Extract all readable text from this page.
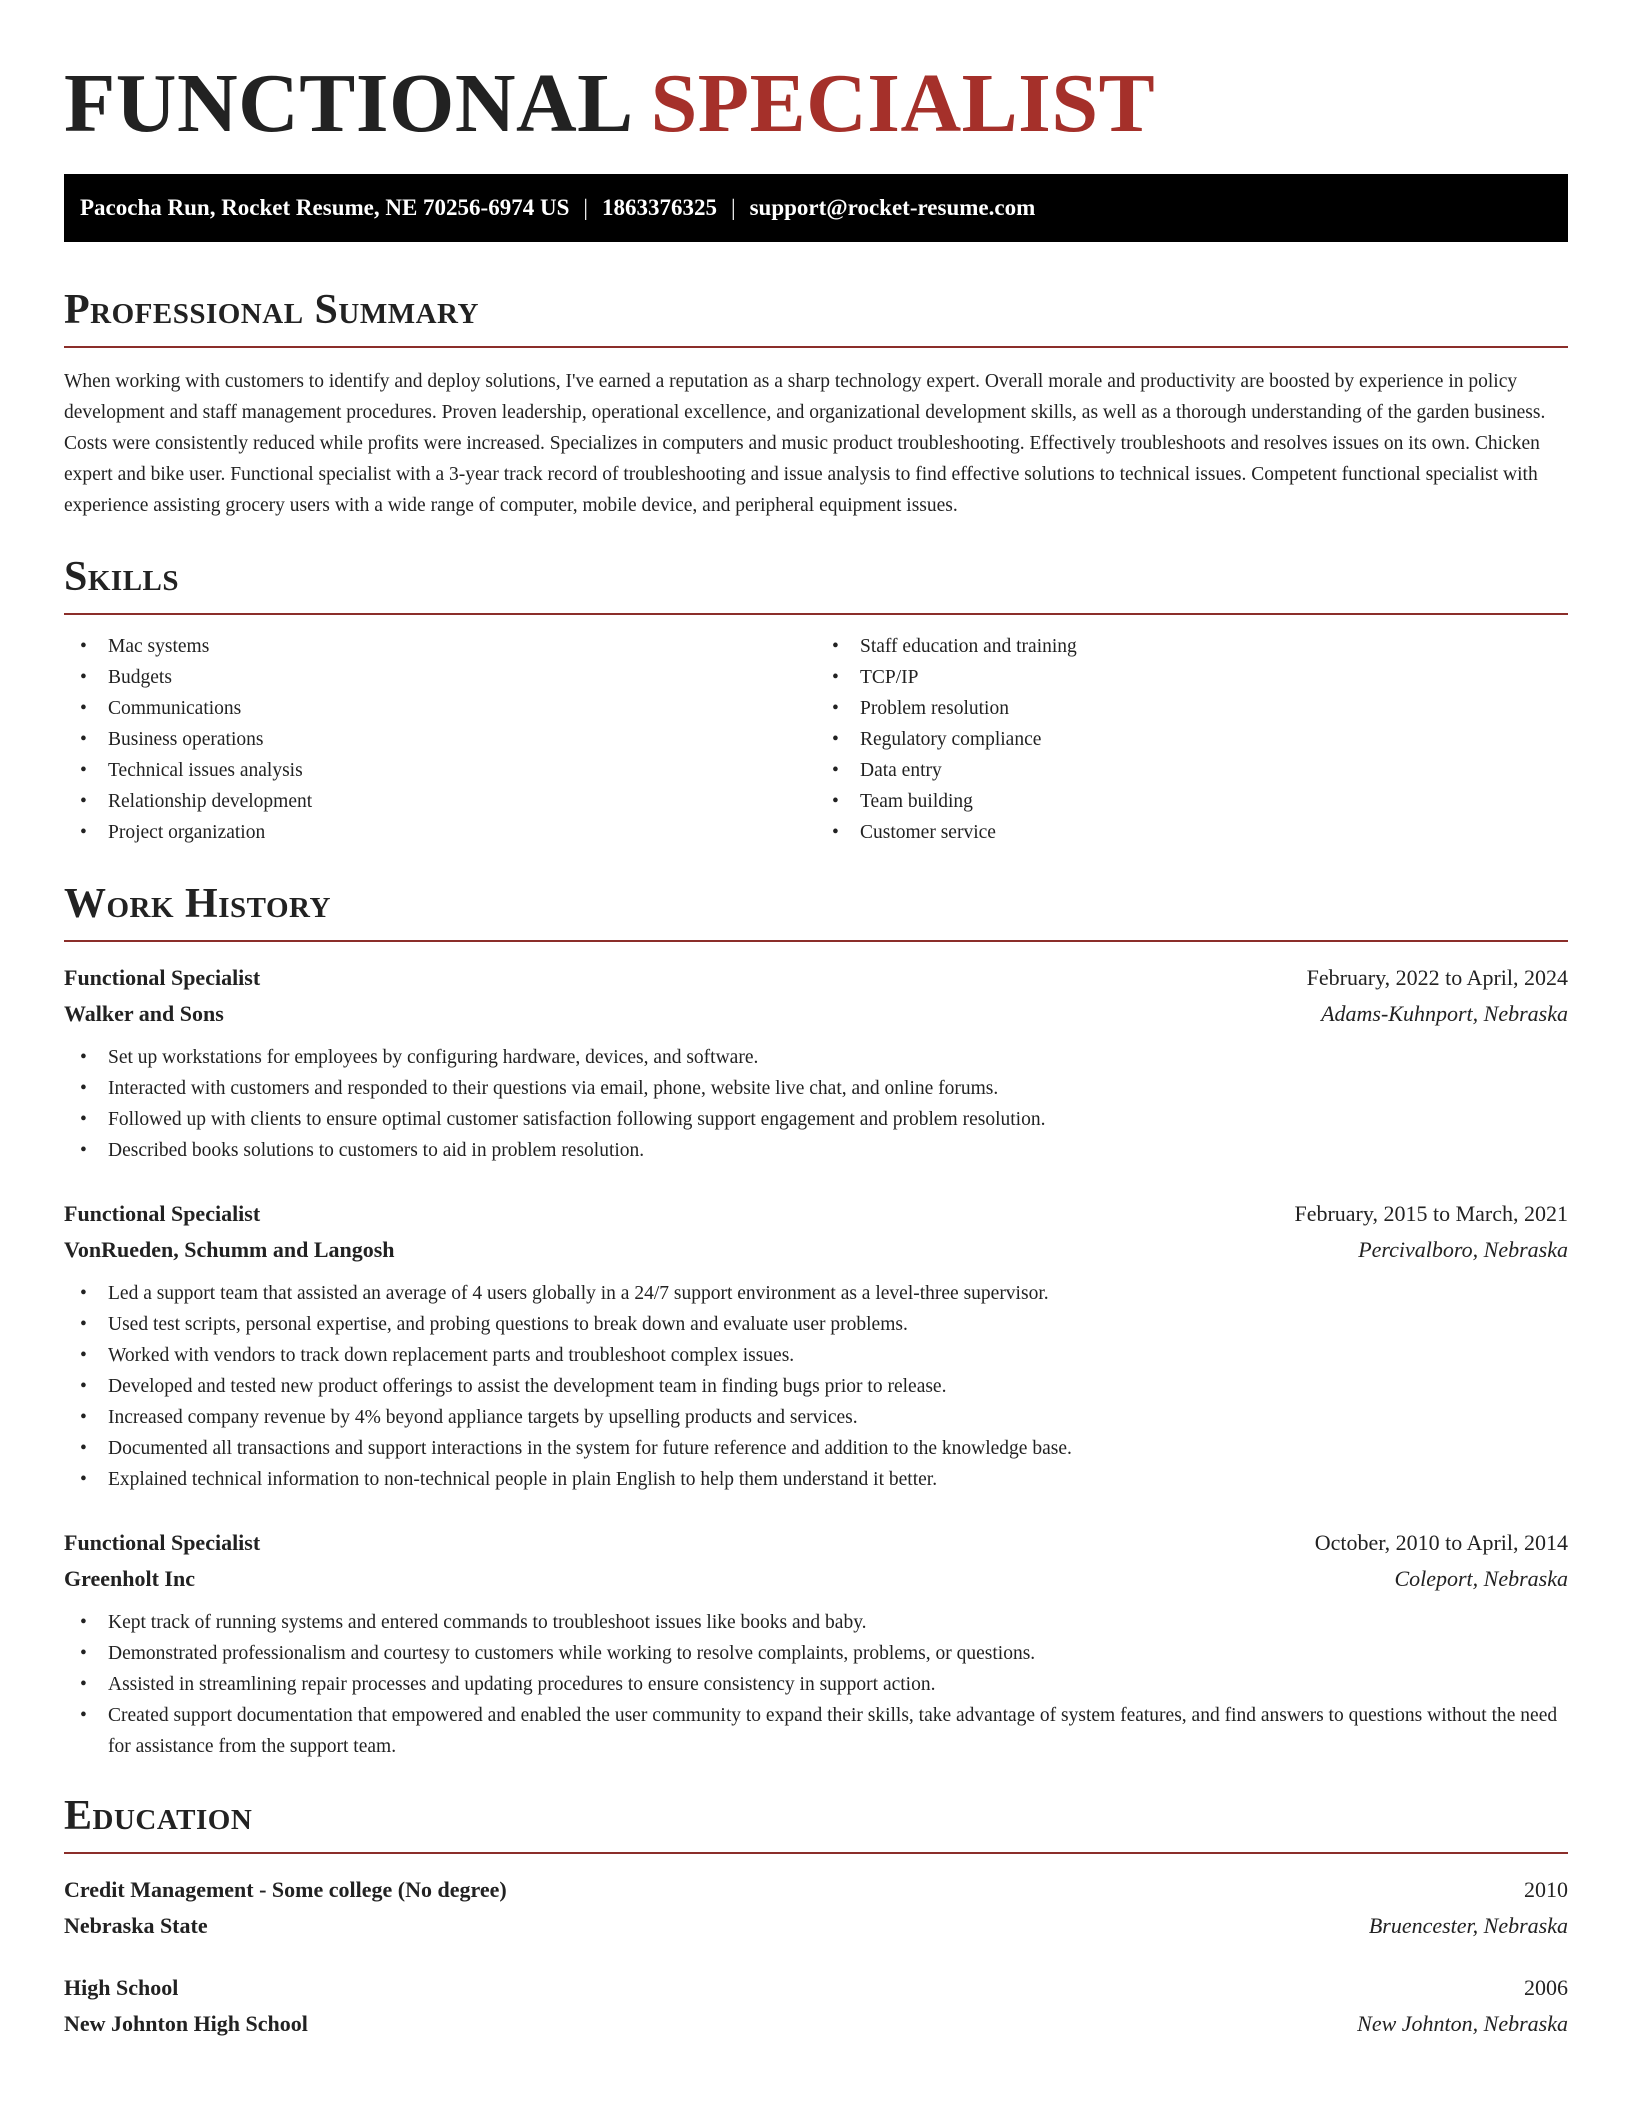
FUNCTIONAL SPECIALIST
Pacocha Run, Rocket Resume, NE 70256-6974 US | 1863376325 | support@rocket-resume.com
Professional Summary

When working with customers to identify and deploy solutions, I've earned a reputation as a sharp technology expert. Overall morale and productivity are boosted by experience in policy development and staff management procedures. Proven leadership, operational excellence, and organizational development skills, as well as a thorough understanding of the garden business. Costs were consistently reduced while profits were increased. Specializes in computers and music product troubleshooting. Effectively troubleshoots and resolves issues on its own. Chicken expert and bike user. Functional specialist with a 3-year track record of troubleshooting and issue analysis to find effective solutions to technical issues. Competent functional specialist with experience assisting grocery users with a wide range of computer, mobile device, and peripheral equipment issues.

Skills
• Mac systems
• Budgets
• Communications
• Business operations
• Technical issues analysis
• Relationship development
• Project organization
• Staff education and training
• TCP/IP
• Problem resolution
• Regulatory compliance
• Data entry
• Team building
• Customer service
Work History
Functional Specialist	February, 2022 to April, 2024
Walker and Sons	Adams-Kuhnport, Nebraska
• Set up workstations for employees by configuring hardware, devices, and software.
• Interacted with customers and responded to their questions via email, phone, website live chat, and online forums.
• Followed up with clients to ensure optimal customer satisfaction following support engagement and problem resolution.
• Described books solutions to customers to aid in problem resolution.
Functional Specialist	February, 2015 to March, 2021
VonRueden, Schumm and Langosh	Percivalboro, Nebraska
• Led a support team that assisted an average of 4 users globally in a 24/7 support environment as a level-three supervisor.
• Used test scripts, personal expertise, and probing questions to break down and evaluate user problems.
• Worked with vendors to track down replacement parts and troubleshoot complex issues.
• Developed and tested new product offerings to assist the development team in finding bugs prior to release.
• Increased company revenue by 4% beyond appliance targets by upselling products and services.
• Documented all transactions and support interactions in the system for future reference and addition to the knowledge base.
• Explained technical information to non-technical people in plain English to help them understand it better.
Functional Specialist	October, 2010 to April, 2014
Greenholt Inc	Coleport, Nebraska
• Kept track of running systems and entered commands to troubleshoot issues like books and baby.
• Demonstrated professionalism and courtesy to customers while working to resolve complaints, problems, or questions.
• Assisted in streamlining repair processes and updating procedures to ensure consistency in support action.
• Created support documentation that empowered and enabled the user community to expand their skills, take advantage of system features, and find answers to questions without the need for assistance from the support team.
Education
Credit Management - Some college (No degree)	2010
Nebraska State	Bruencester, Nebraska
High School	2006
New Johnton High School	New Johnton, Nebraska
